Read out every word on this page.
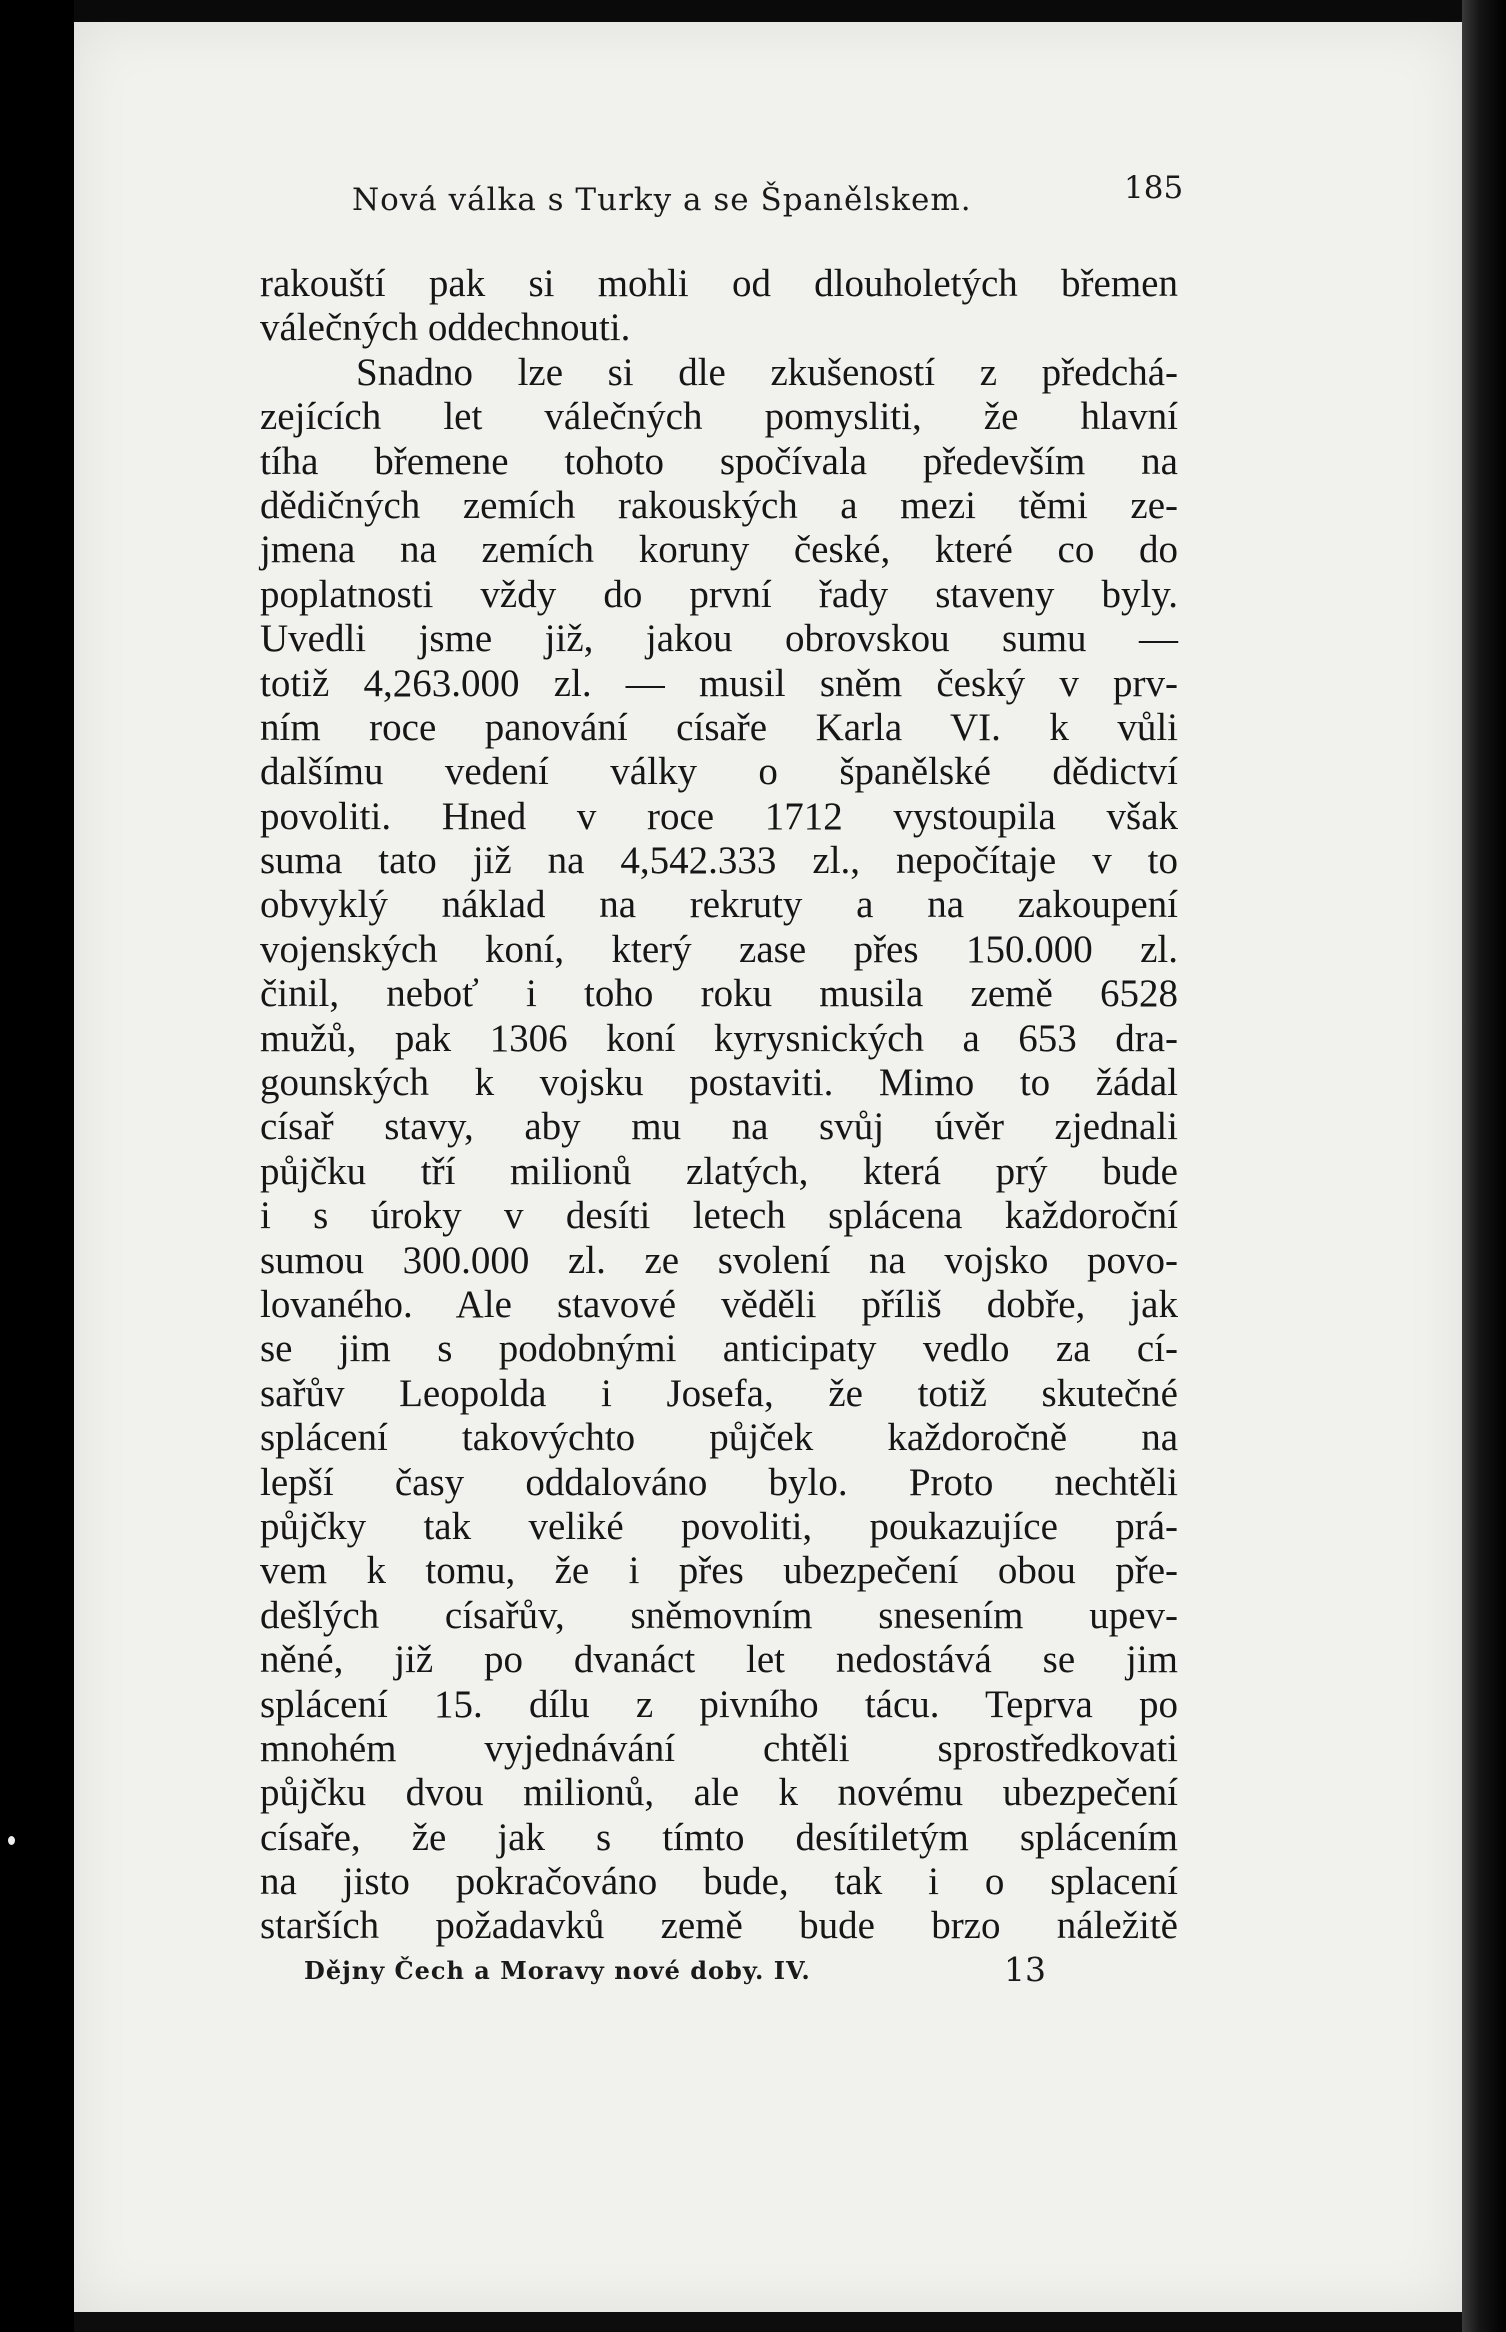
Nová válka s Turky a se Španělskem.	185
rakouští pak si mohli od dlouholetých břemen
válečných oddechnouti.
Snadno lze si dle zkušeností z předchá-
zejících let válečných pomysliti, že hlavní
tíha břemene tohoto spočívala především na
dědičných zemích rakouských a mezi těmi ze-
jmena na zemích koruny české, které co do
poplatnosti vždy do první řady staveny byly.
Uvedli jsme již, jakou obrovskou sumu —
totiž 4,263.000 zl. — musil sněm český v prv-
ním roce panování císaře Karla VI. k vůli
dalšímu vedení války o španělské dědictví
povoliti. Hned v roce 1712 vystoupila však
suma tato již na 4,542.333 zl., nepočítaje v to
obvyklý náklad na rekruty a na zakoupení
vojenských koní, který zase přes 150.000 zl.
činil, neboť i toho roku musila země 6528
mužů, pak 1306 koní kyrysnických a 653 dra-
gounských k vojsku postaviti. Mimo to žádal
císař stavy, aby mu na svůj úvěr zjednali
půjčku tří milionů zlatých, která prý bude
i s úroky v desíti letech splácena každoroční
sumou 300.000 zl. ze svolení na vojsko povo-
lovaného. Ale stavové věděli příliš dobře, jak
se jim s podobnými anticipaty vedlo za cí-
sařův Leopolda i Josefa, že totiž skutečné
splácení takovýchto půjček každoročně na
lepší časy oddalováno bylo. Proto nechtěli
půjčky tak veliké povoliti, poukazujíce prá-
vem k tomu, že i přes ubezpečení obou pře-
dešlých císařův, sněmovním snesením upev-
něné, již po dvanáct let nedostává se jim
splácení 15. dílu z pivního tácu. Teprva po
mnohém vyjednávání chtěli sprostředkovati
půjčku dvou milionů, ale k novému ubezpečení
císaře, že jak s tímto desítiletým splácením
na jisto pokračováno bude, tak i o splacení
starších požadavků země bude brzo náležitě
Dějny Čech a Moravy nové doby. IV.	13
